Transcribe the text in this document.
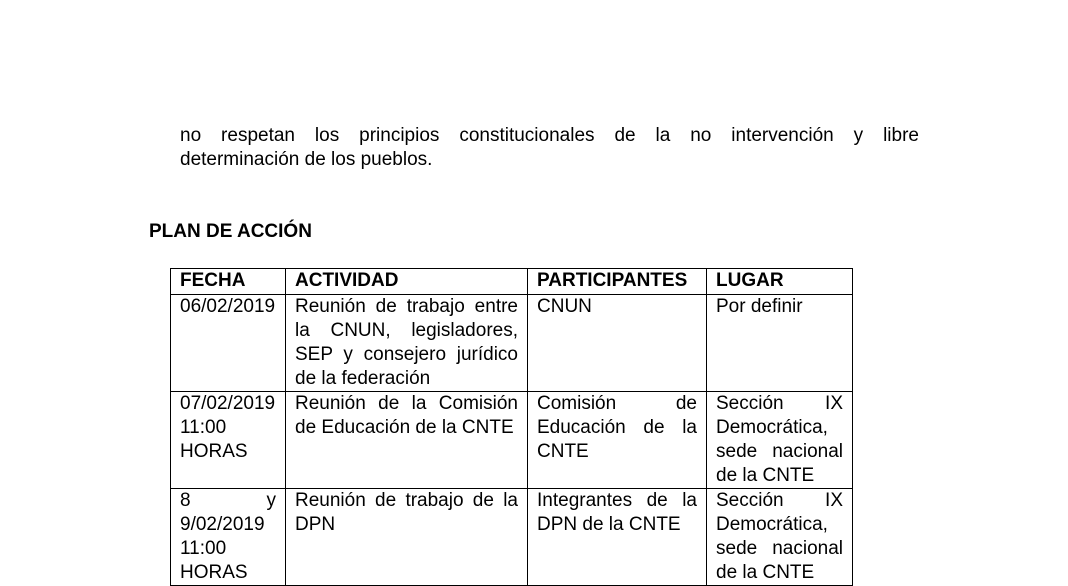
no respetan los principios constitucionales de la no intervención y libre
determinación de los pueblos.
PLAN DE ACCIÓN
FECHA	ACTIVIDAD	PARTICIPANTES	LUGAR
06/02/2019	Reunión de trabajo entre la CNUN, legisladores, SEP y consejero jurídico de la federación	CNUN	Por definir
07/02/2019 11:00 HORAS	Reunión de la Comisión de Educación de la CNTE	Comisión de Educación de la CNTE	Sección IX Democrática, sede nacional de la CNTE
8 y 9/02/2019 11:00 HORAS	Reunión de trabajo de la DPN	Integrantes de la DPN de la CNTE	Sección IX Democrática, sede nacional de la CNTE
